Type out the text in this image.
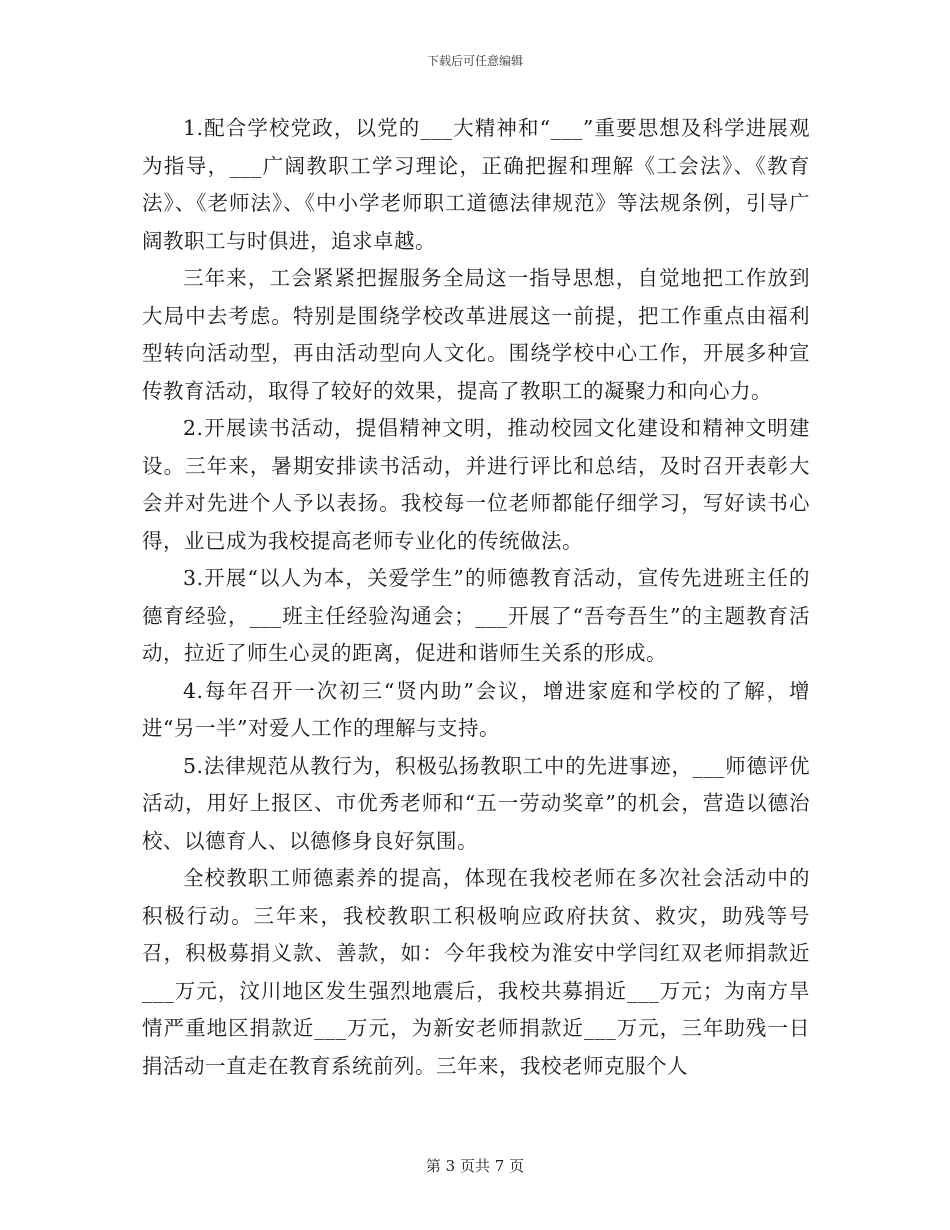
下载后可任意编辑

1.配合学校党政，以党的___大精神和“___”重要思想及科学进展观为指导，___广阔教职工学习理论，正确把握和理解《工会法》、《教育法》、《老师法》、《中小学老师职工道德法律规范》等法规条例，引导广阔教职工与时俱进，追求卓越。

三年来，工会紧紧把握服务全局这一指导思想，自觉地把工作放到大局中去考虑。特别是围绕学校改革进展这一前提，把工作重点由福利型转向活动型，再由活动型向人文化。围绕学校中心工作，开展多种宣传教育活动，取得了较好的效果，提高了教职工的凝聚力和向心力。

2.开展读书活动，提倡精神文明，推动校园文化建设和精神文明建设。三年来，暑期安排读书活动，并进行评比和总结，及时召开表彰大会并对先进个人予以表扬。我校每一位老师都能仔细学习，写好读书心得，业已成为我校提高老师专业化的传统做法。

3.开展“以人为本，关爱学生”的师德教育活动，宣传先进班主任的德育经验，___班主任经验沟通会；___开展了“吾夸吾生”的主题教育活动，拉近了师生心灵的距离，促进和谐师生关系的形成。

4.每年召开一次初三“贤内助”会议，增进家庭和学校的了解，增进“另一半”对爱人工作的理解与支持。

5.法律规范从教行为，积极弘扬教职工中的先进事迹，___师德评优活动，用好上报区、市优秀老师和“五一劳动奖章”的机会，营造以德治校、以德育人、以德修身良好氛围。

全校教职工师德素养的提高，体现在我校老师在多次社会活动中的积极行动。三年来，我校教职工积极响应政府扶贫、救灾，助残等号召，积极募捐义款、善款，如：今年我校为淮安中学闫红双老师捐款近___万元，汶川地区发生强烈地震后，我校共募捐近___万元；为南方旱情严重地区捐款近___万元，为新安老师捐款近___万元，三年助残一日捐活动一直走在教育系统前列。三年来，我校老师克服个人

第 3 页共 7 页
